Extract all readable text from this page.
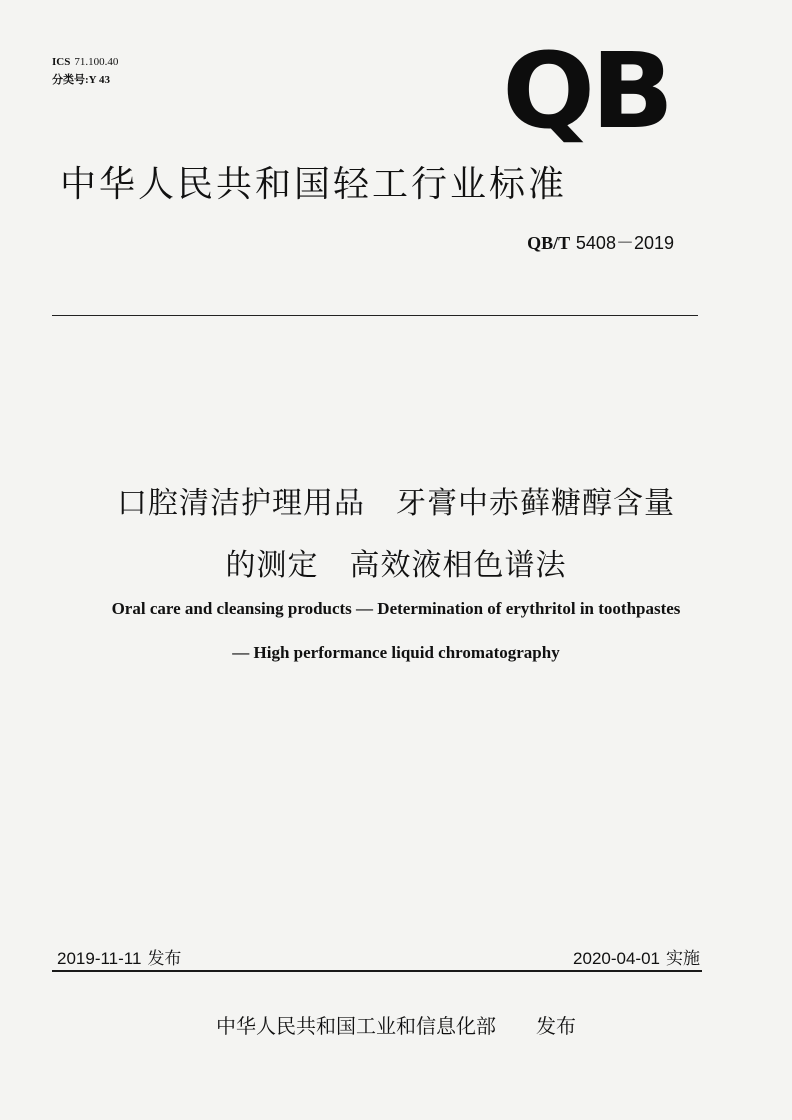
ICS 71.100.40
分类号:Y 43	QB
中华人民共和国轻工行业标准
QB/T 5408－2019
口腔清洁护理用品　牙膏中赤藓糖醇含量
的测定　高效液相色谱法
Oral care and cleansing products — Determination of erythritol in toothpastes
— High performance liquid chromatography
2019-11-11 发布	2020-04-01 实施
中华人民共和国工业和信息化部　　发布
